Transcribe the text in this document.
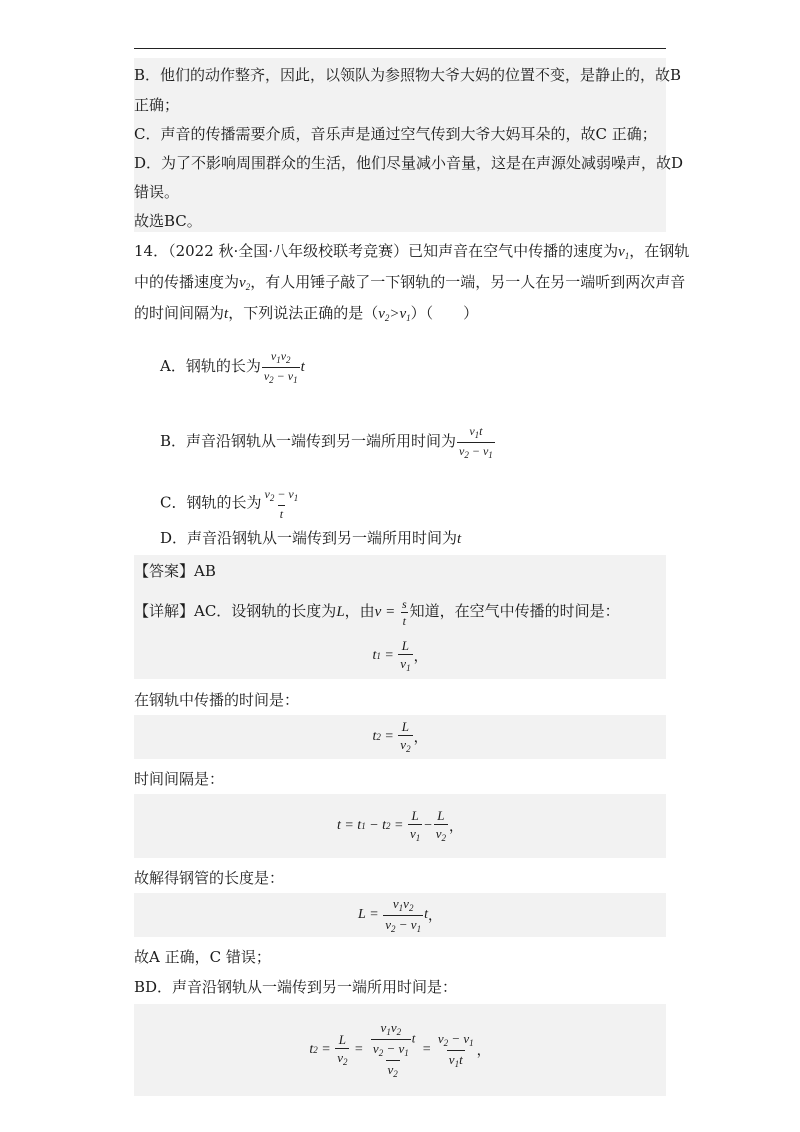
B．他们的动作整齐，因此，以领队为参照物大爷大妈的位置不变，是静止的，故B
正确；
C．声音的传播需要介质，音乐声是通过空气传到大爷大妈耳朵的，故C 正确；
D．为了不影响周围群众的生活，他们尽量减小音量，这是在声源处减弱噪声，故D
错误。
故选BC。
14．（2022 秋·全国·八年级校联考竞赛）已知声音在空气中传播的速度为$v_1$，在钢轨
中的传播速度为$v_2$，有人用锤子敲了一下钢轨的一端，另一人在另一端听到两次声音
的时间间隔为t，下列说法正确的是$(v_2>v_1)$（　　）
A．钢轨的长为 $\frac{v_1v_2}{v_2 - v_1}$ t
B．声音沿钢轨从一端传到另一端所用时间为 $\frac{v_1t}{v_2 - v_1}$
C．钢轨的长为 $\frac{v_2 - v_1}{t}$
D．声音沿钢轨从一端传到另一端所用时间为t
【答案】AB
【详解】AC．设钢轨的长度为L，由$v = \frac{s}{t}$ 知道，在空气中传播的时间是：
t $1 = \frac{L}{v_1}$ ，
在钢轨中传播的时间是：
t $2 = \frac{L}{v_2}$ ，
时间间隔是：
t = t 1 − t $2 = \frac{L}{v_1} - \frac{L}{v_2}$ ，
故解得钢管的长度是：
$L = \frac{v_1v_2}{v_2 - v_1}$ t ，
故A 正确，C 错误；
BD．声音沿钢轨从一端传到另一端所用时间是：
t $2 = \frac{L}{v_2} = \frac{\frac{v_1v_2}{v_2 - v_1} t}{v_2} = \frac{v_2 - v_1}{v_1t}$ ，
